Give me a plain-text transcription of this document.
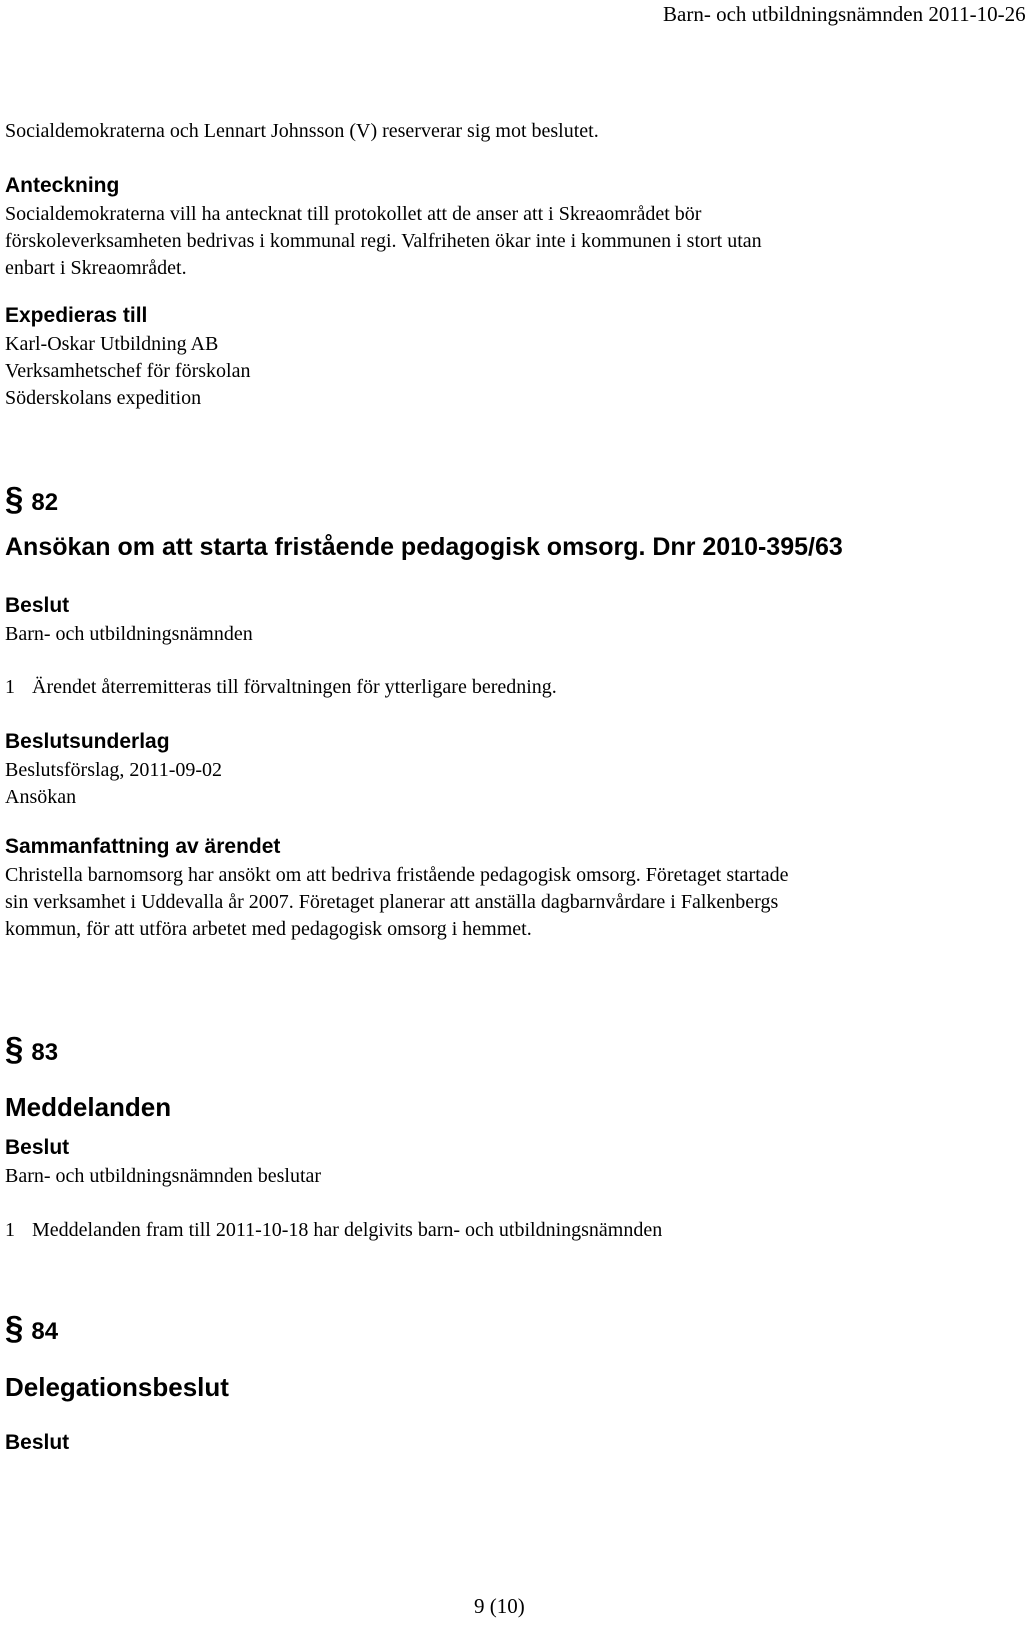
Barn- och utbildningsnämnden 2011-10-26
Socialdemokraterna och Lennart Johnsson (V) reserverar sig mot beslutet.
Anteckning
Socialdemokraterna vill ha antecknat till protokollet att de anser att i Skreaområdet bör
förskoleverksamheten bedrivas i kommunal regi. Valfriheten ökar inte i kommunen i stort utan
enbart i Skreaområdet.
Expedieras till
Karl-Oskar Utbildning AB
Verksamhetschef för förskolan
Söderskolans expedition
§ 82
Ansökan om att starta fristående pedagogisk omsorg. Dnr 2010-395/63
Beslut
Barn- och utbildningsnämnden
1 Ärendet återremitteras till förvaltningen för ytterligare beredning.
Beslutsunderlag
Beslutsförslag, 2011-09-02
Ansökan
Sammanfattning av ärendet
Christella barnomsorg har ansökt om att bedriva fristående pedagogisk omsorg. Företaget startade
sin verksamhet i Uddevalla år 2007. Företaget planerar att anställa dagbarnvårdare i Falkenbergs
kommun, för att utföra arbetet med pedagogisk omsorg i hemmet.
§ 83
Meddelanden
Beslut
Barn- och utbildningsnämnden beslutar
1 Meddelanden fram till 2011-10-18 har delgivits barn- och utbildningsnämnden
§ 84
Delegationsbeslut
Beslut
9 (10)
